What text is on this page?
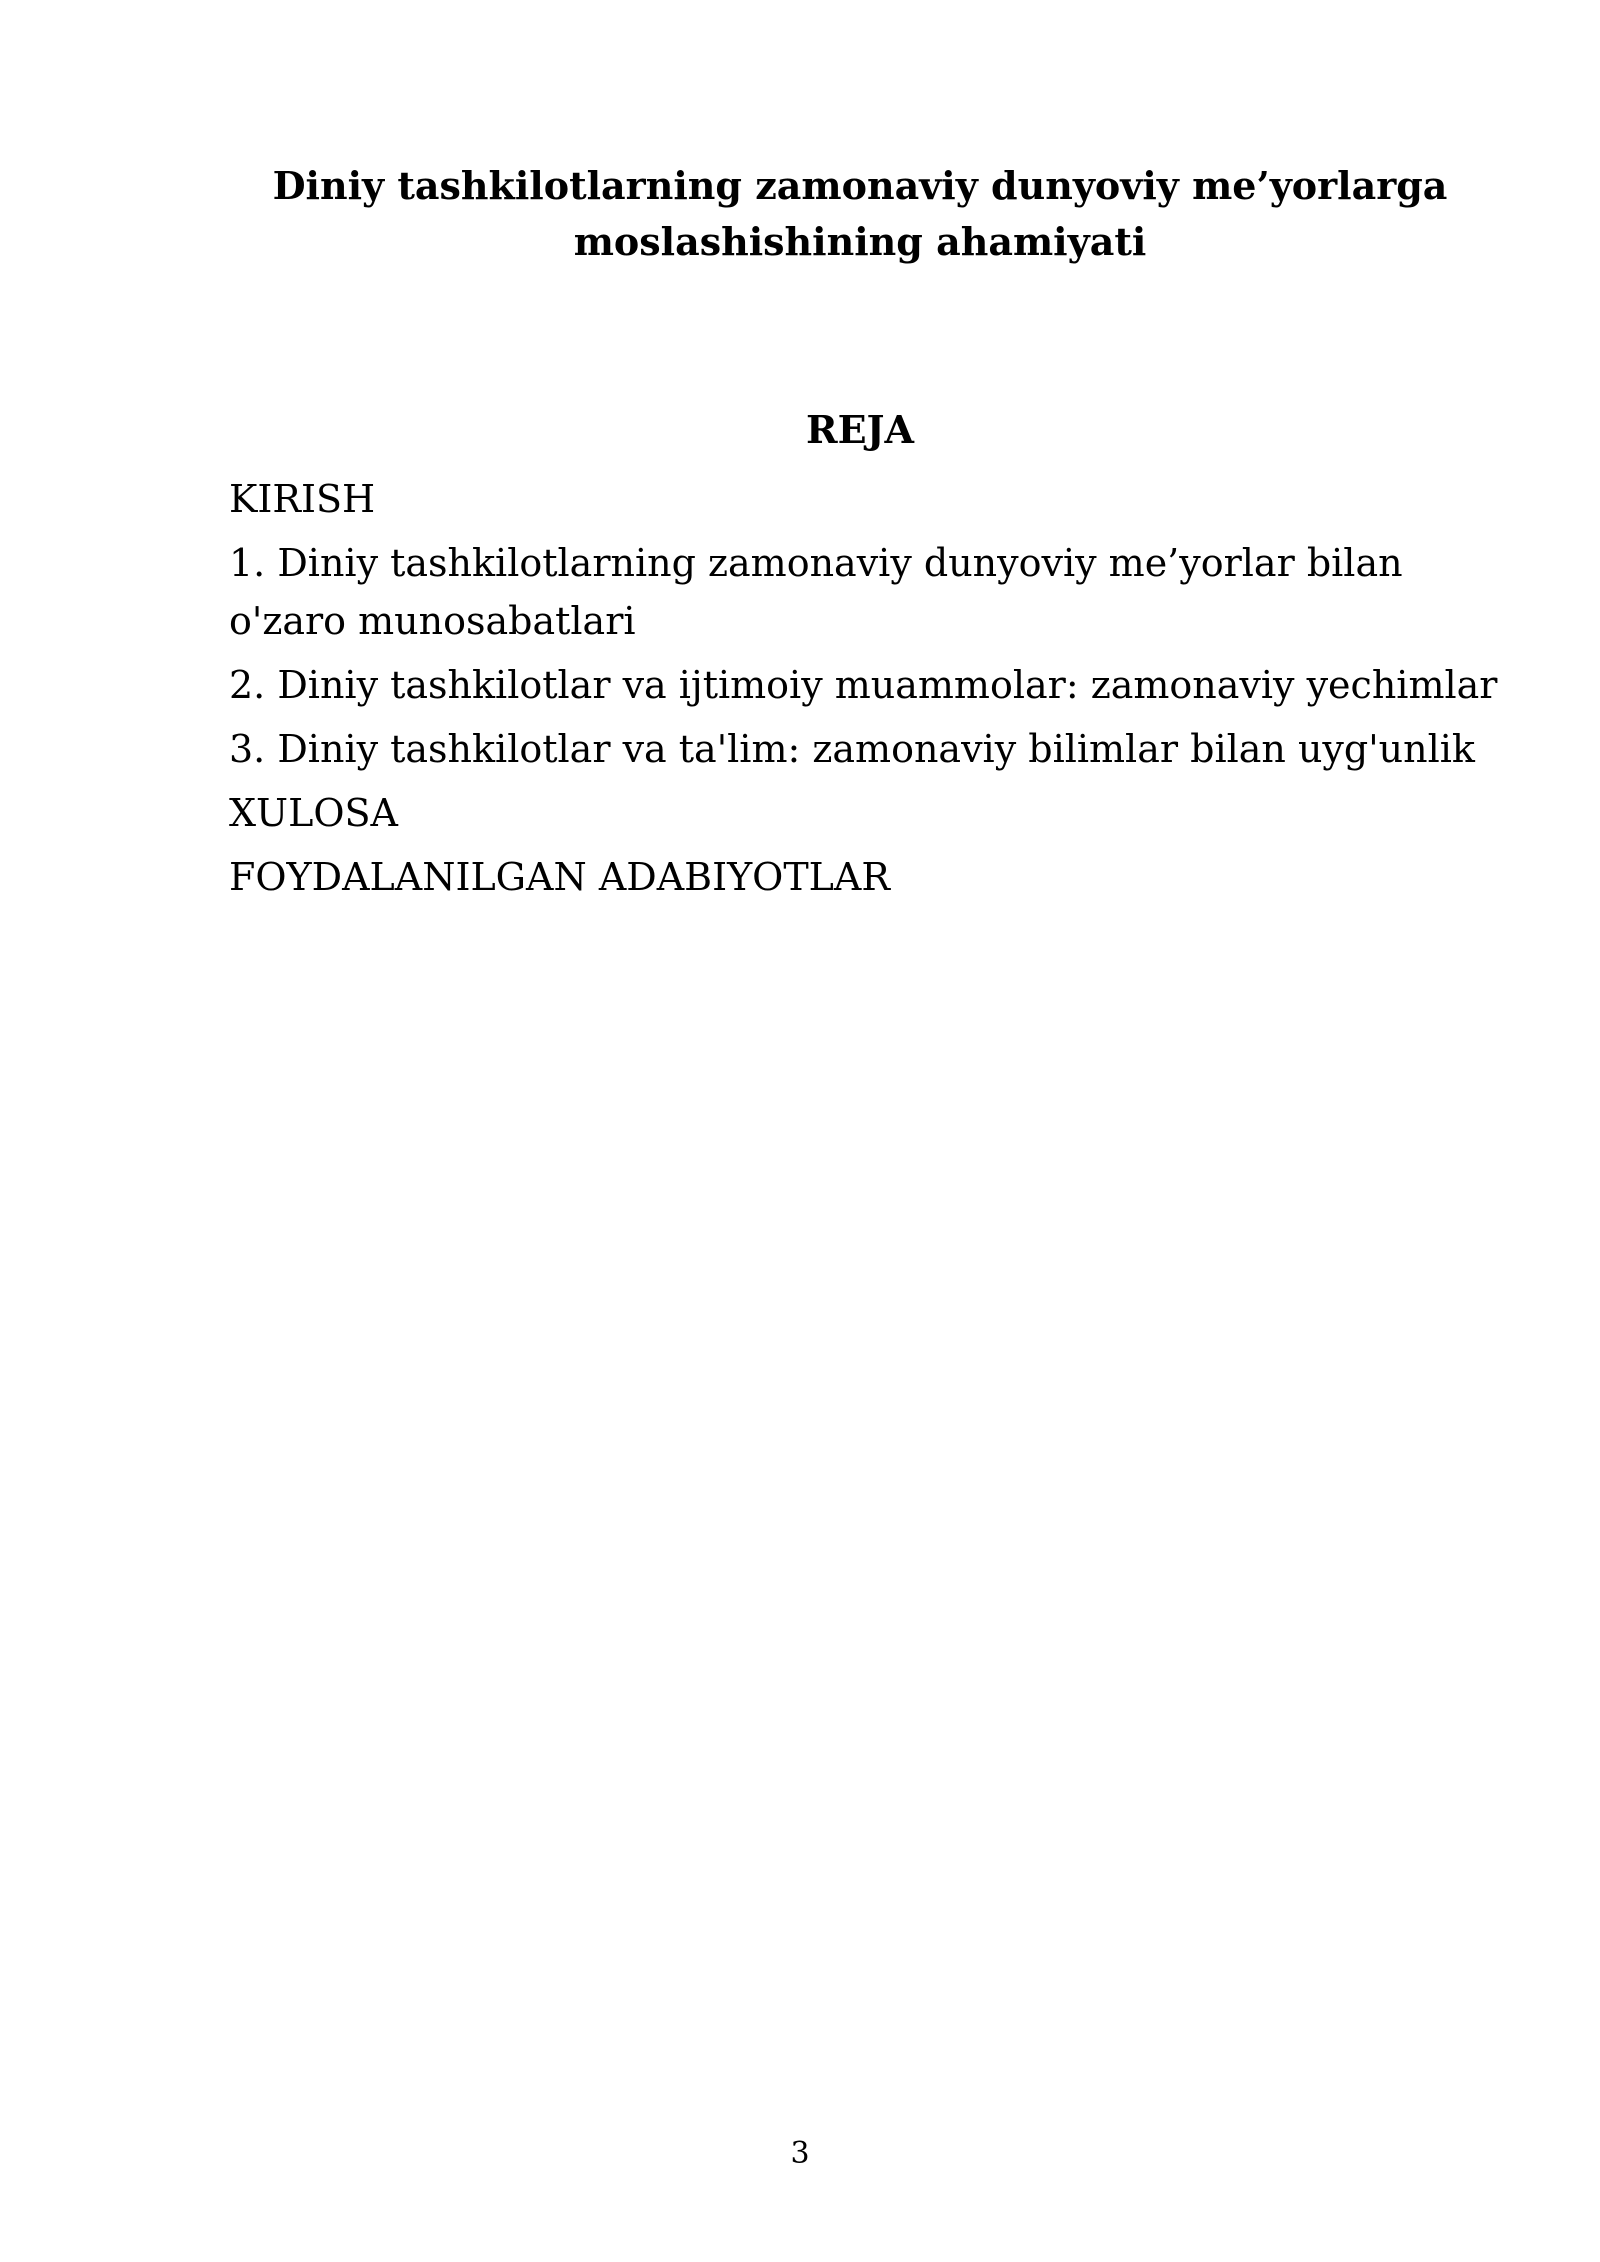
Diniy tashkilotlarning zamonaviy dunyoviy me’yorlarga moslashishining ahamiyati
REJA
KIRISH
1. Diniy tashkilotlarning zamonaviy dunyoviy me’yorlar bilan o'zaro munosabatlari
2. Diniy tashkilotlar va ijtimoiy muammolar: zamonaviy yechimlar
3. Diniy tashkilotlar va ta'lim: zamonaviy bilimlar bilan uyg'unlik
XULOSA
FOYDALANILGAN ADABIYOTLAR
3
